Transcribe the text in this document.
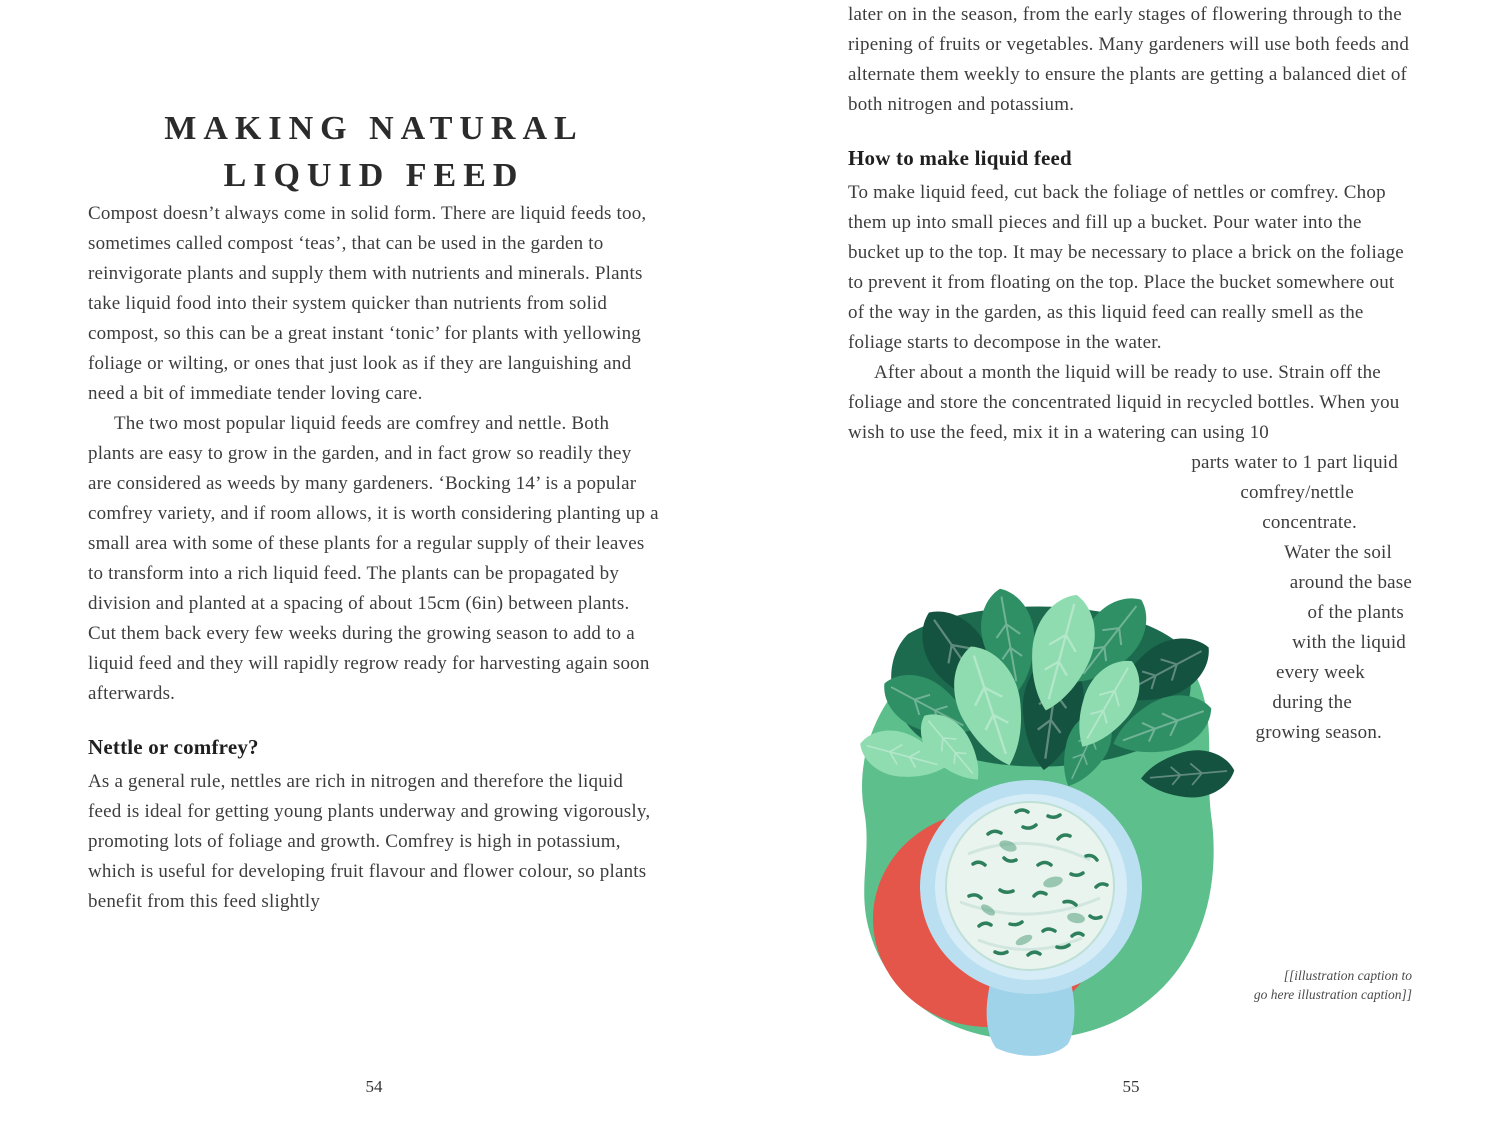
MAKING NATURAL
LIQUID FEED

Compost doesn’t always come in solid form. There are liquid feeds too, sometimes called compost ‘teas’, that can be used in the garden to reinvigorate plants and supply them with nutrients and minerals. Plants take liquid food into their system quicker than nutrients from solid compost, so this can be a great instant ‘tonic’ for plants with yellowing foliage or wilting, or ones that just look as if they are languishing and need a bit of immediate tender loving care.

The two most popular liquid feeds are comfrey and nettle. Both plants are easy to grow in the garden, and in fact grow so readily they are considered as weeds by many gardeners. ‘Bocking 14’ is a popular comfrey variety, and if room allows, it is worth considering planting up a small area with some of these plants for a regular supply of their leaves to transform into a rich liquid feed. The plants can be propagated by division and planted at a spacing of about 15cm (6in) between plants. Cut them back every few weeks during the growing season to add to a liquid feed and they will rapidly regrow ready for harvesting again soon afterwards.

Nettle or comfrey?

As a general rule, nettles are rich in nitrogen and therefore the liquid feed is ideal for getting young plants underway and growing vigorously, promoting lots of foliage and growth. Comfrey is high in potassium, which is useful for developing fruit flavour and flower colour, so plants benefit from this feed slightly

54

later on in the season, from the early stages of flowering through to the ripening of fruits or vegetables. Many gardeners will use both feeds and alternate them weekly to ensure the plants are getting a balanced diet of both nitrogen and potassium.

How to make liquid feed

To make liquid feed, cut back the foliage of nettles or comfrey. Chop them up into small pieces and fill up a bucket. Pour water into the bucket up to the top. It may be necessary to place a brick on the foliage to prevent it from floating on the top. Place the bucket somewhere out of the way in the garden, as this liquid feed can really smell as the foliage starts to decompose in the water.

After about a month the liquid will be ready to use. Strain off the foliage and store the concentrated liquid in recycled bottles. When you wish to use the feed, mix it in a watering can using 10

parts water to 1 part liquid
comfrey/nettle
concentrate.
Water the soil
around the base
of the plants
with the liquid
every week
during the
growing season.
[[illustration caption to
go here illustration caption]]
55
